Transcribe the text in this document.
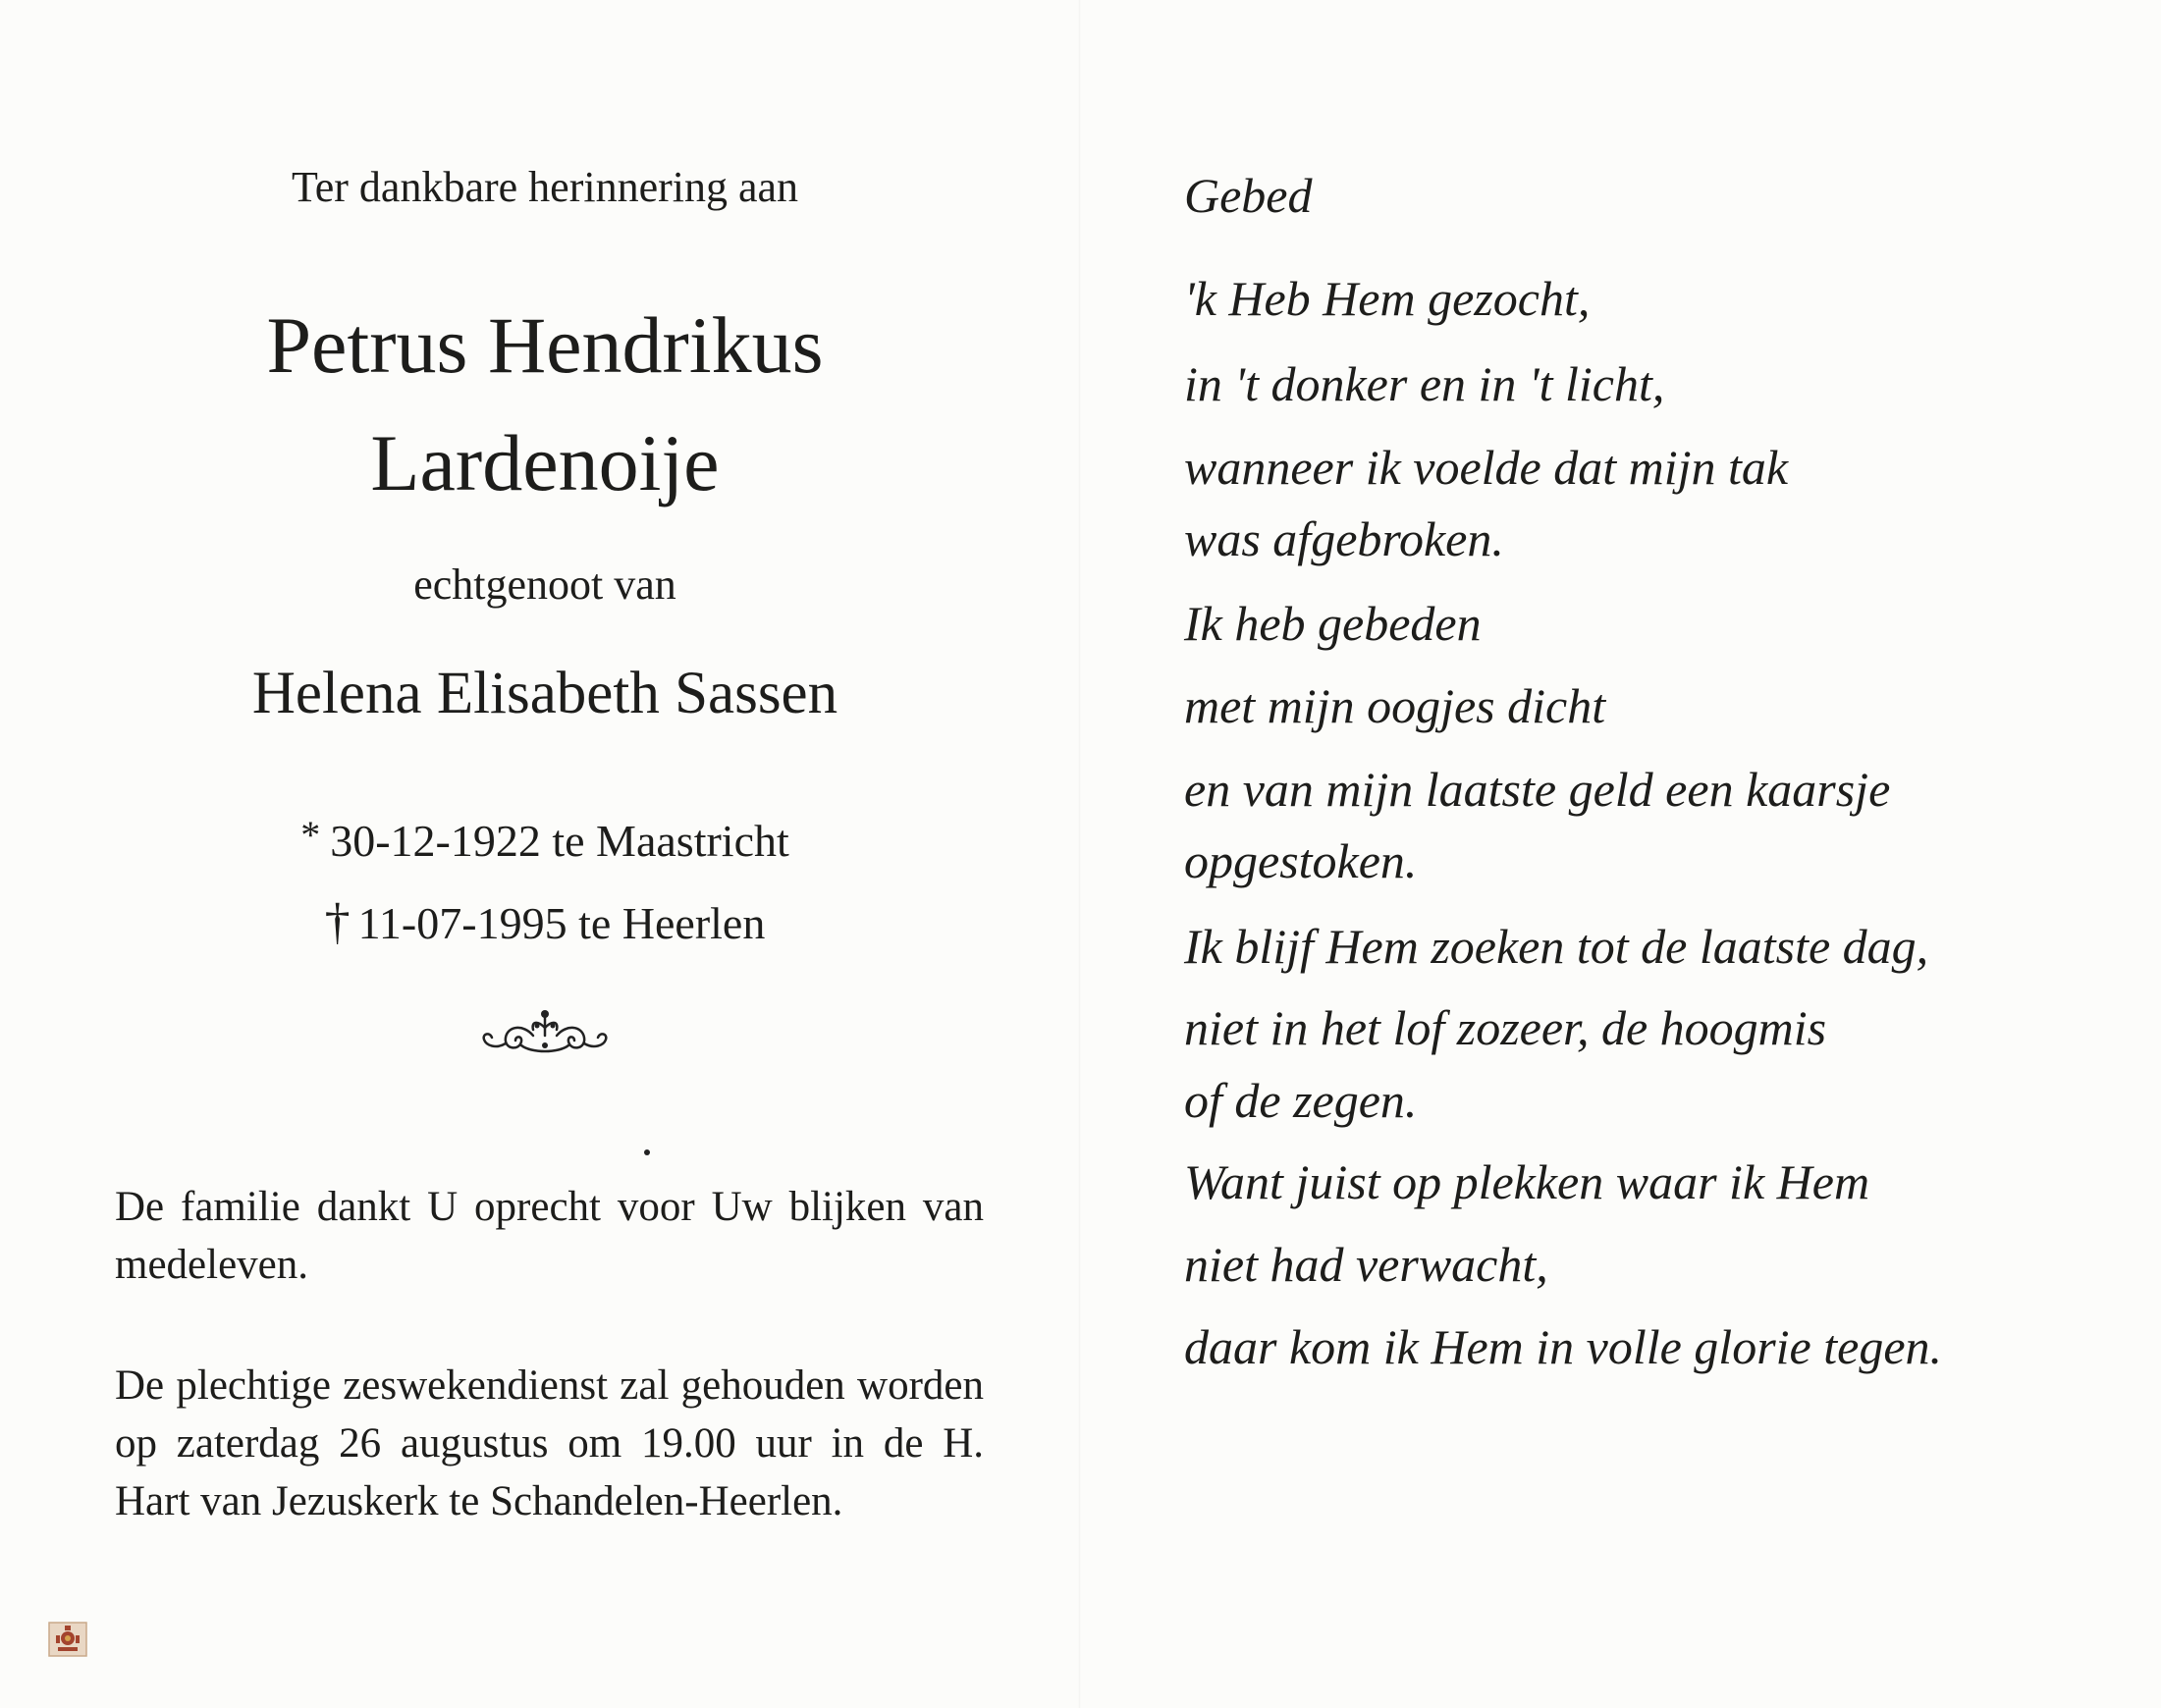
Ter dankbare herinnering aan
Petrus Hendrikus
Lardenoije
echtgenoot van
Helena Elisabeth Sassen
* 30-12-1922 te Maastricht
† 11-07-1995 te Heerlen
De familie dankt U oprecht voor Uw blijken van medeleven.
De plechtige zeswekendienst zal gehouden worden op zaterdag 26 augustus om 19.00 uur in de H. Hart van Jezuskerk te Schandelen-Heerlen.
Gebed
'k Heb Hem gezocht,
in 't donker en in 't licht,
wanneer ik voelde dat mijn tak
was afgebroken.
Ik heb gebeden
met mijn oogjes dicht
en van mijn laatste geld een kaarsje
opgestoken.
Ik blijf Hem zoeken tot de laatste dag,
niet in het lof zozeer, de hoogmis
of de zegen.
Want juist op plekken waar ik Hem
niet had verwacht,
daar kom ik Hem in volle glorie tegen.
